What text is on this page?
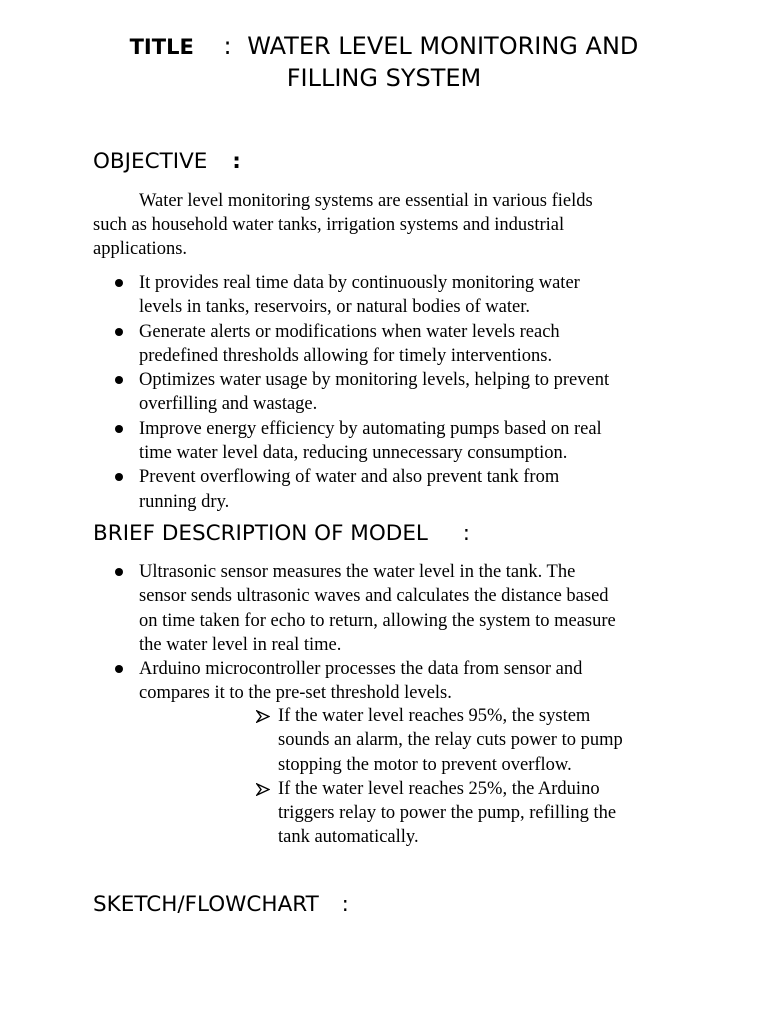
TITLE : WATER LEVEL MONITORING AND
FILLING SYSTEM
OBJECTIVE :
Water level monitoring systems are essential in various fields
such as household water tanks, irrigation systems and industrial
applications.
It provides real time data by continuously monitoring water
levels in tanks, reservoirs, or natural bodies of water.
Generate alerts or modifications when water levels reach
predefined thresholds allowing for timely interventions.
Optimizes water usage by monitoring levels, helping to prevent
overfilling and wastage.
Improve energy efficiency by automating pumps based on real
time water level data, reducing unnecessary consumption.
Prevent overflowing of water and also prevent tank from
running dry.
BRIEF DESCRIPTION OF MODEL :
Ultrasonic sensor measures the water level in the tank. The
sensor sends ultrasonic waves and calculates the distance based
on time taken for echo to return, allowing the system to measure
the water level in real time.
Arduino microcontroller processes the data from sensor and
compares it to the pre-set threshold levels.
If the water level reaches 95%, the system
sounds an alarm, the relay cuts power to pump
stopping the motor to prevent overflow.
If the water level reaches 25%, the Arduino
triggers relay to power the pump, refilling the
tank automatically.
SKETCH/FLOWCHART :
